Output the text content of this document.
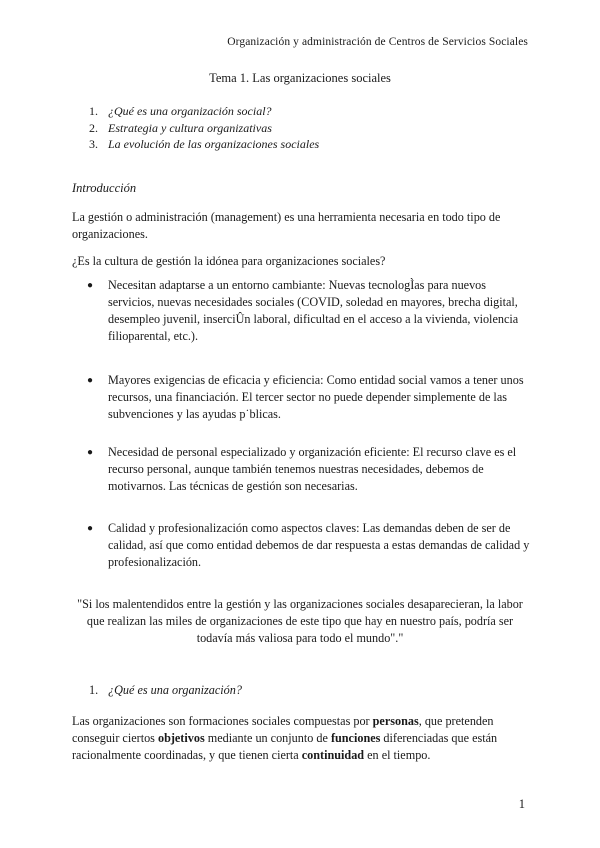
Organización y administración de Centros de Servicios Sociales
Tema 1. Las organizaciones sociales
1. ¿Qué es una organización social?
2. Estrategia y cultura organizativas
3. La evolución de las organizaciones sociales
Introducción

La gestión o administración (management) es una herramienta necesaria en todo tipo de organizaciones.

¿Es la cultura de gestión la idónea para organizaciones sociales?

● Necesitan adaptarse a un entorno cambiante: Nuevas tecnologÌas para nuevos servicios, nuevas necesidades sociales (COVID, soledad en mayores, brecha digital, desempleo juvenil, inserciÛn laboral, dificultad en el acceso a la vivienda, violencia filioparental, etc.).
● Mayores exigencias de eficacia y eficiencia: Como entidad social vamos a tener unos recursos, una financiación. El tercer sector no puede depender simplemente de las subvenciones y las ayudas p˙blicas.
● Necesidad de personal especializado y organización eficiente: El recurso clave es el recurso personal, aunque también tenemos nuestras necesidades, debemos de motivarnos. Las técnicas de gestión son necesarias.
● Calidad y profesionalización como aspectos claves: Las demandas deben de ser de calidad, así que como entidad debemos de dar respuesta a estas demandas de calidad y profesionalización.

"Si los malentendidos entre la gestión y las organizaciones sociales desaparecieran, la labor que realizan las miles de organizaciones de este tipo que hay en nuestro país, podría ser todavía más valiosa para todo el mundo"."

1. ¿Qué es una organización?

Las organizaciones son formaciones sociales compuestas por personas, que pretenden conseguir ciertos objetivos mediante un conjunto de funciones diferenciadas que están racionalmente coordinadas, y que tienen cierta continuidad en el tiempo.

1
